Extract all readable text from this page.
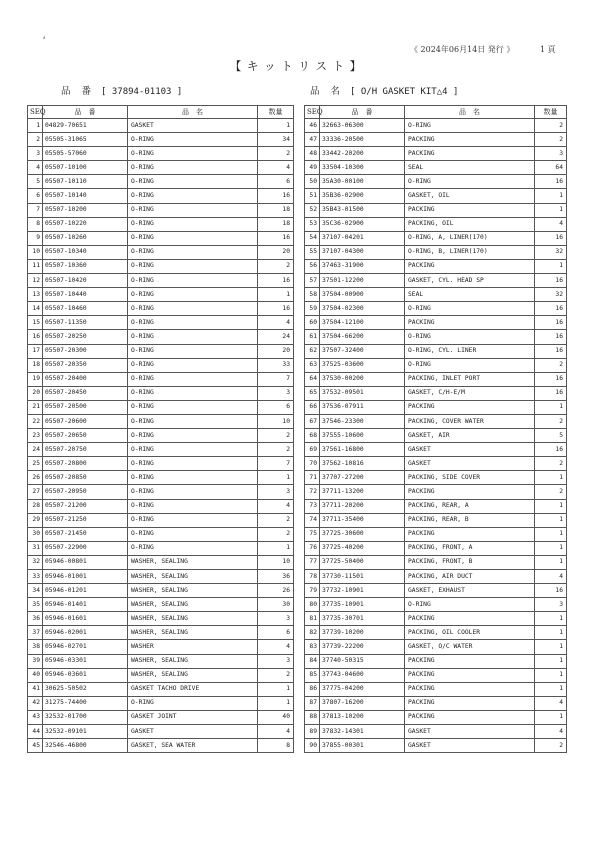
ᵈ
《 2024年06月14日 発行 》	1 頁
【 キ ッ ト リ ス ト 】
品 番 [ 37894-01103 ]	品 名 [ O/H GASKET KIT△4 ]
SEQ	品　番	品　名	数量
1	04829-70651	GASKET	1
2	05505-31065	O-RING	34
3	05505-57060	O-RING	2
4	05507-10100	O-RING	4
5	05507-10110	O-RING	6
6	05507-10140	O-RING	16
7	05507-10200	O-RING	18
8	05507-10220	O-RING	18
9	05507-10260	O-RING	16
10	05507-10340	O-RING	20
11	05507-10360	O-RING	2
12	05507-10420	O-RING	16
13	05507-10440	O-RING	1
14	05507-10460	O-RING	16
15	05507-11350	O-RING	4
16	05507-20250	O-RING	24
17	05507-20300	O-RING	20
18	05507-20350	O-RING	33
19	05507-20400	O-RING	7
20	05507-20450	O-RING	3
21	05507-20500	O-RING	6
22	05507-20600	O-RING	10
23	05507-20650	O-RING	2
24	05507-20750	O-RING	2
25	05507-20800	O-RING	7
26	05507-20850	O-RING	1
27	05507-20950	O-RING	3
28	05507-21200	O-RING	4
29	05507-21250	O-RING	2
30	05507-21450	O-RING	2
31	05507-22900	O-RING	1
32	05946-00801	WASHER, SEALING	10
33	05946-01001	WASHER, SEALING	36
34	05946-01201	WASHER, SEALING	26
35	05946-01401	WASHER, SEALING	30
36	05946-01601	WASHER, SEALING	3
37	05946-02001	WASHER, SEALING	6
38	05946-02701	WASHER	4
39	05946-03301	WASHER, SEALING	3
40	05946-03601	WASHER, SEALING	2
41	30625-50502	GASKET TACHO DRIVE	1
42	31275-74400	O-RING	1
43	32532-01700	GASKET JOINT	40
44	32532-09101	GASKET	4
45	32546-46800	GASKET, SEA WATER	8
SEQ	品　番	品　名	数量
46	32663-06300	O-RING	2
47	33336-20500	PACKING	2
48	33442-20200	PACKING	3
49	33504-10300	SEAL	64
50	35A30-00100	O-RING	16
51	35B36-02900	GASKET, OIL	1
52	35B43-01500	PACKING	1
53	35C36-02900	PACKING, OIL	4
54	37107-04201	O-RING, A, LINER(170)	16
55	37107-04300	O-RING, B, LINER(170)	32
56	37463-31900	PACKING	1
57	37501-12200	GASKET, CYL. HEAD SP	16
58	37504-00900	SEAL	32
59	37504-02300	O-RING	16
60	37504-12100	PACKING	16
61	37504-66200	O-RING	16
62	37507-32400	O-RING, CYL. LINER	16
63	37525-03600	O-RING	2
64	37530-00200	PACKING, INLET PORT	16
65	37532-09501	GASKET, C/H-E/M	16
66	37536-07911	PACKING	1
67	37546-23300	PACKING, COVER WATER	2
68	37555-10600	GASKET, AIR	5
69	37561-16800	GASKET	16
70	37562-10816	GASKET	2
71	37707-27200	PACKING, SIDE COVER	1
72	37711-13200	PACKING	2
73	37711-20200	PACKING, REAR, A	1
74	37711-35400	PACKING, REAR, B	1
75	37725-30600	PACKING	1
76	37725-40200	PACKING, FRONT, A	1
77	37725-50400	PACKING, FRONT, B	1
78	37730-11501	PACKING, AIR DUCT	4
79	37732-10901	GASKET, EXHAUST	16
80	37735-10901	O-RING	3
81	37735-30701	PACKING	1
82	37739-10200	PACKING, OIL COOLER	1
83	37739-22200	GASKET, O/C WATER	1
84	37740-50315	PACKING	1
85	37743-04600	PACKING	1
86	37775-04200	PACKING	1
87	37807-16200	PACKING	4
88	37813-10200	PACKING	1
89	37832-14301	GASKET	4
90	37855-00301	GASKET	2
